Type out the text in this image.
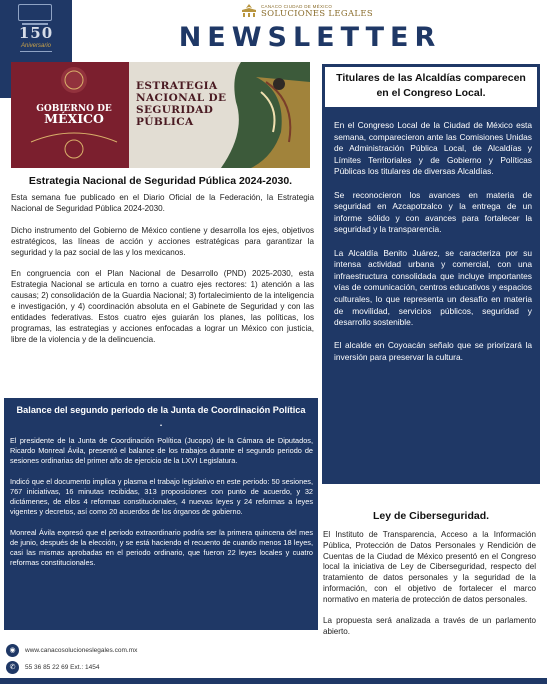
150
Aniversario
CANACO CIUDAD DE MÉXICO
SOLUCIONES LEGALES
NEWSLETTER
GOBIERNO DE
MÉXICO
ESTRATEGIA
NACIONAL DE
SEGURIDAD
PÚBLICA
Estrategia Nacional de Seguridad Pública 2024-2030.

Esta semana fue publicado en el Diario Oficial de la Federación, la Estrategia Nacional de Seguridad Pública 2024-2030.

Dicho instrumento del Gobierno de México contiene y desarrolla los ejes, objetivos estratégicos, las líneas de acción y acciones estratégicas para garantizar la seguridad y la paz social de las y los mexicanos.

En congruencia con el Plan Nacional de Desarrollo (PND) 2025-2030, esta Estrategia Nacional se articula en torno a cuatro ejes rectores: 1) atención a las causas; 2) consolidación de la Guardia Nacional; 3) fortalecimiento de la inteligencia e investigación, y 4) coordinación absoluta en el Gabinete de Seguridad y con las entidades federativas. Estos cuatro ejes guiarán los planes, las políticas, los programas, las estrategias y acciones enfocadas a lograr un México con justicia, libre de la violencia y de la delincuencia.

Balance del segundo periodo de la Junta de Coordinación Política .

El presidente de la Junta de Coordinación Política (Jucopo) de la Cámara de Diputados, Ricardo Monreal Ávila, presentó el balance de los trabajos durante el segundo periodo de sesiones ordinarias del primer año de ejercicio de la LXVI Legislatura.

Indicó que el documento implica y plasma el trabajo legislativo en este periodo: 50 sesiones, 767 iniciativas, 16 minutas recibidas, 313 proposiciones con punto de acuerdo, y 32 dictámenes, de ellos 4 reformas constitucionales, 4 nuevas leyes y 24 reformas a leyes vigentes y decretos, así como 20 acuerdos de los órganos de gobierno.

Monreal Ávila expresó que el periodo extraordinario podría ser la primera quincena del mes de junio, después de la elección, y se está haciendo el recuento de cuando menos 18 leyes, casi las mismas aprobadas en el periodo ordinario, que fueron 22 leyes locales y cuatro reformas constitucionales.

◉	www.canacosolucioneslegales.com.mx
✆	55 36 85 22 69 Ext.: 1454
Titulares de las Alcaldías comparecen
en el Congreso Local.

En el Congreso Local de la Ciudad de México esta semana, comparecieron ante las Comisiones Unidas de Administración Pública Local, de Alcaldías y Límites Territoriales y de Gobierno y Políticas Públicas los titulares de diversas Alcaldías.

Se reconocieron los avances en materia de seguridad en Azcapotzalco y la entrega de un informe sólido y con avances para fortalecer la seguridad y la transparencia.

La Alcaldía Benito Juárez, se caracteriza por su intensa actividad urbana y comercial, con una infraestructura consolidada que incluye importantes vías de comunicación, centros educativos y espacios culturales, lo que representa un desafío en materia de movilidad, servicios públicos, seguridad y desarrollo sostenible.

El alcalde en Coyoacán señalo que se priorizará la inversión para preservar la cultura.

Ley de Ciberseguridad.

El Instituto de Transparencia, Acceso a la Información Pública, Protección de Datos Personales y Rendición de Cuentas de la Ciudad de México presentó en el Congreso local la iniciativa de Ley de Ciberseguridad, respecto del tratamiento de datos personales y la seguridad de la información, con el objetivo de fortalecer el marco normativo en materia de protección de datos personales.

La propuesta será analizada a través de un parlamento abierto.
